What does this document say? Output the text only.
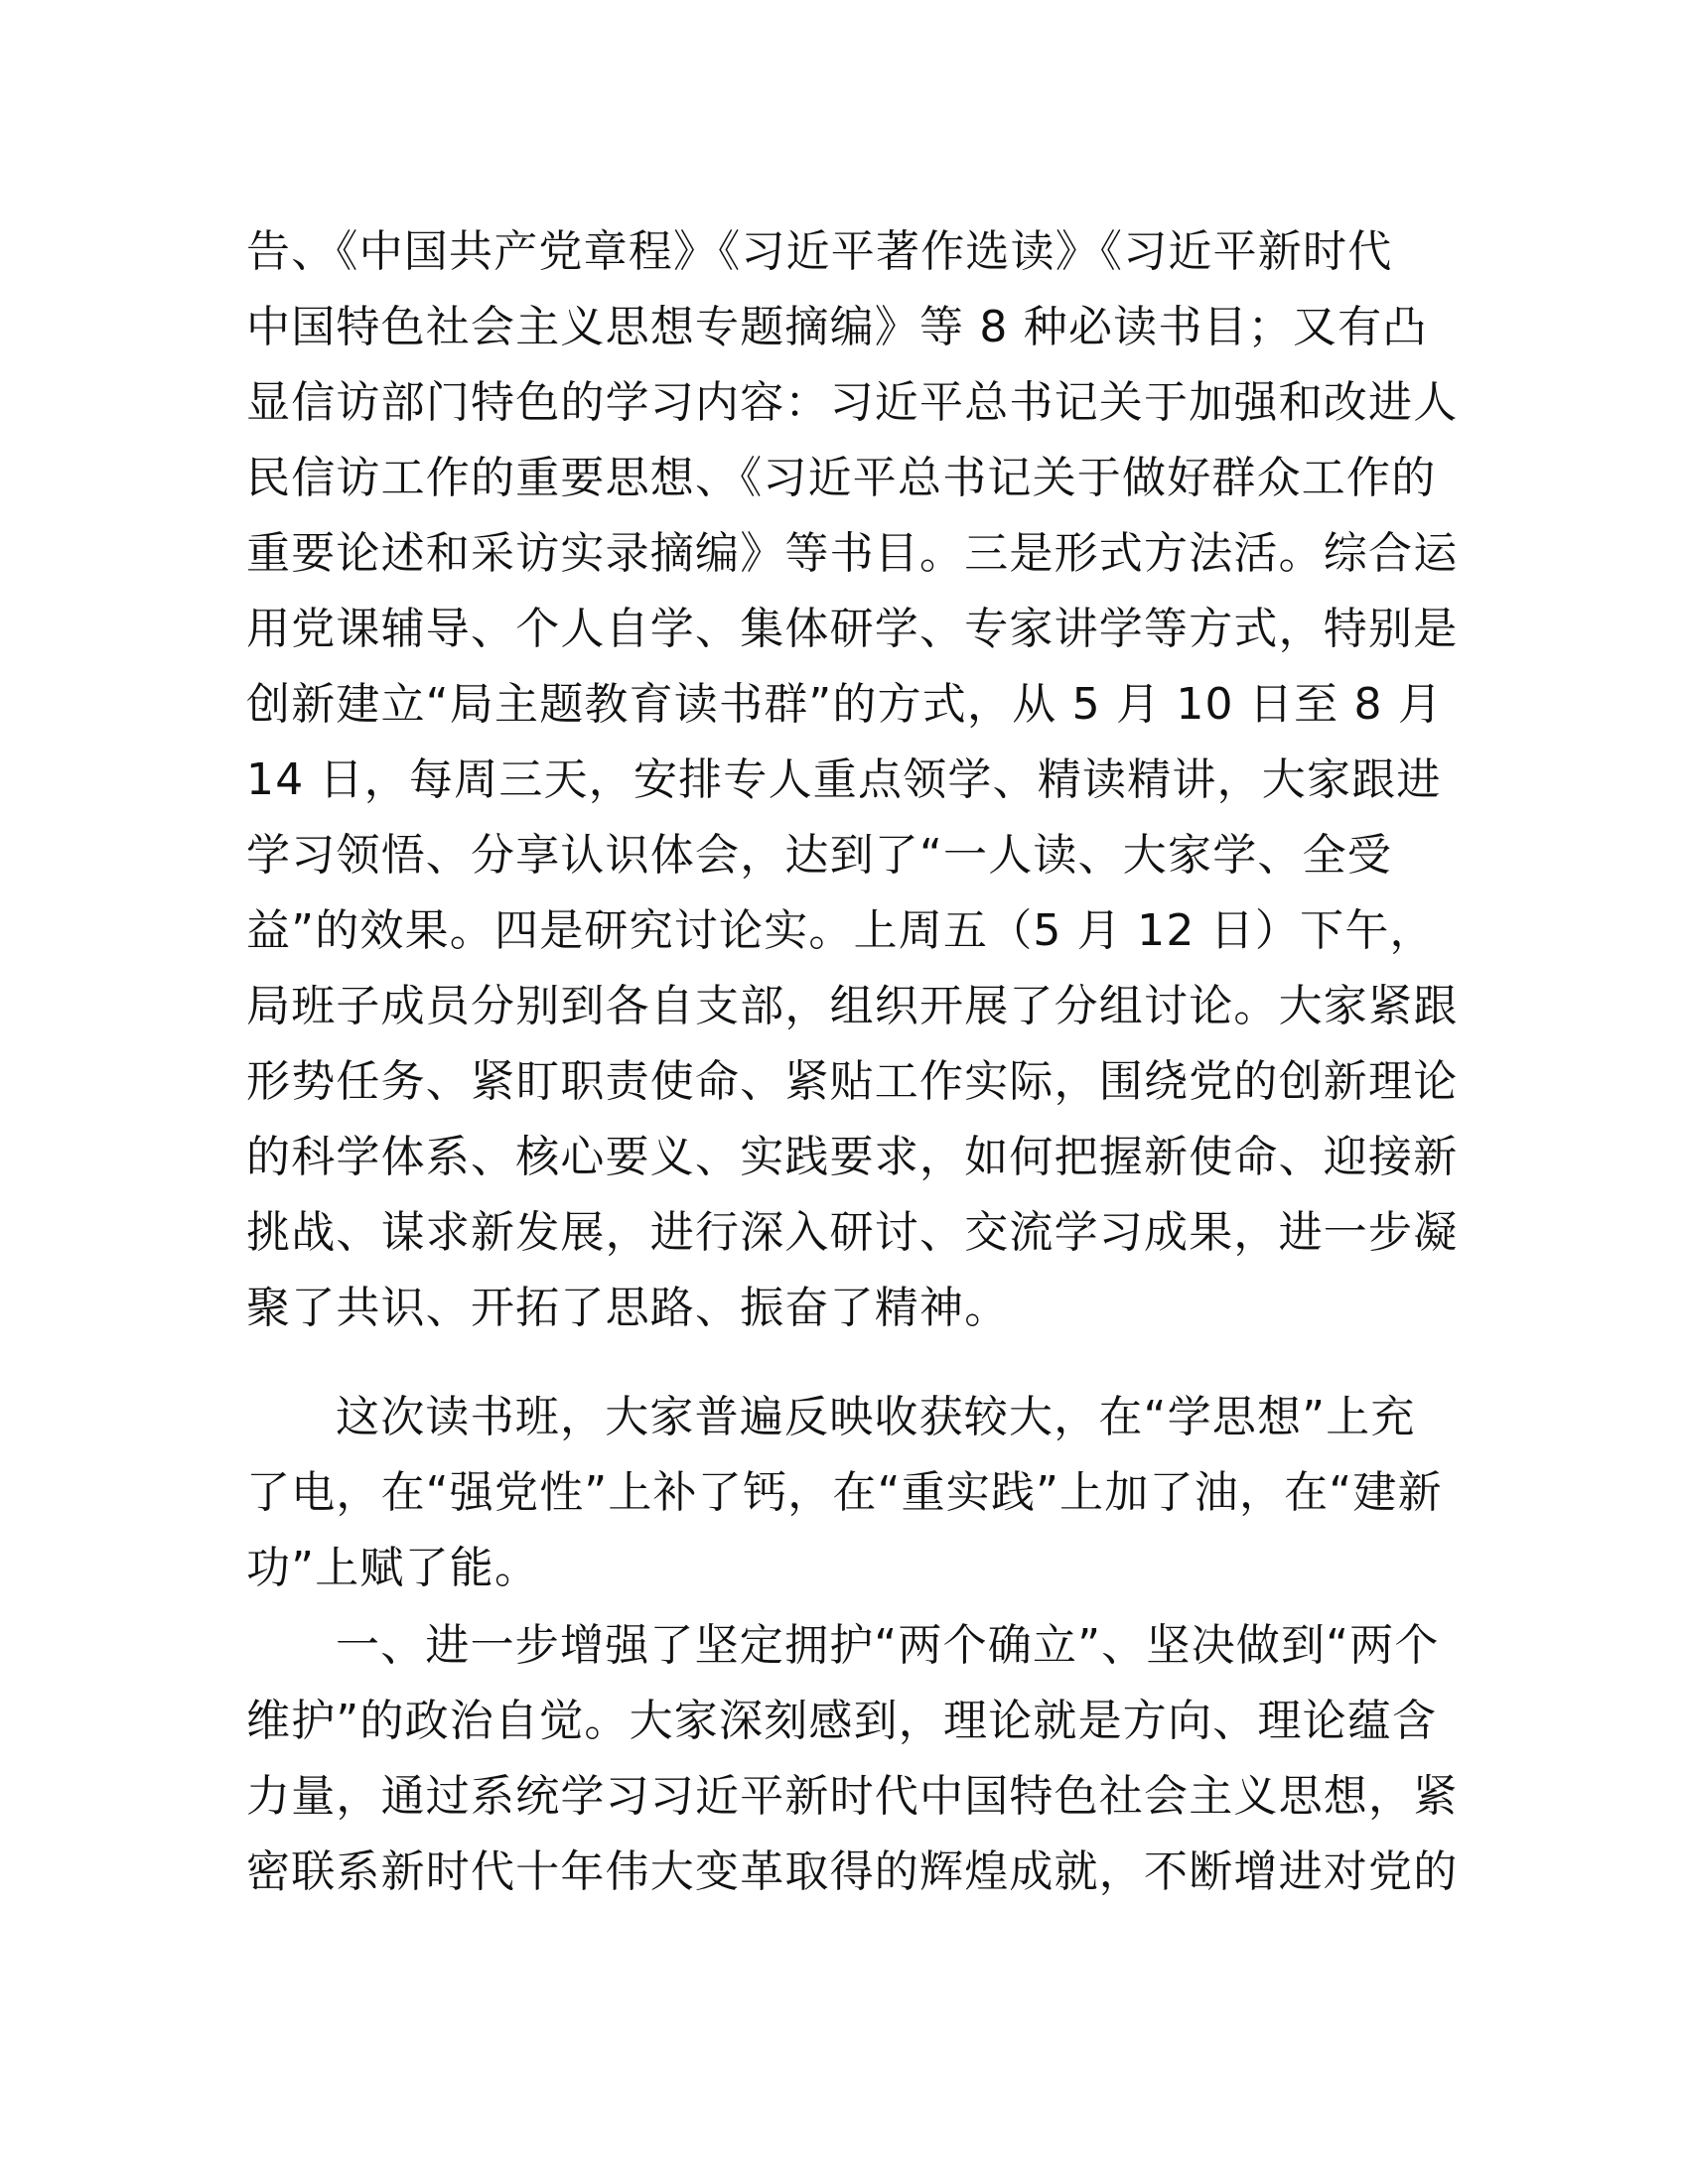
告、《中国共产党章程》《习近平著作选读》《习近平新时代
中国特色社会主义思想专题摘编》等 8 种必读书目；又有凸
显信访部门特色的学习内容：习近平总书记关于加强和改进人
民信访工作的重要思想、《习近平总书记关于做好群众工作的
重要论述和采访实录摘编》等书目。三是形式方法活。综合运
用党课辅导、个人自学、集体研学、专家讲学等方式，特别是
创新建立“局主题教育读书群”的方式，从 5 月 10 日至 8 月
14 日，每周三天，安排专人重点领学、精读精讲，大家跟进
学习领悟、分享认识体会，达到了“一人读、大家学、全受
益”的效果。四是研究讨论实。上周五（5 月 12 日）下午，
局班子成员分别到各自支部，组织开展了分组讨论。大家紧跟
形势任务、紧盯职责使命、紧贴工作实际，围绕党的创新理论
的科学体系、核心要义、实践要求，如何把握新使命、迎接新
挑战、谋求新发展，进行深入研讨、交流学习成果，进一步凝
聚了共识、开拓了思路、振奋了精神。
这次读书班，大家普遍反映收获较大，在“学思想”上充
了电，在“强党性”上补了钙，在“重实践”上加了油，在“建新
功”上赋了能。
一、进一步增强了坚定拥护“两个确立”、坚决做到“两个
维护”的政治自觉。大家深刻感到，理论就是方向、理论蕴含
力量，通过系统学习习近平新时代中国特色社会主义思想，紧
密联系新时代十年伟大变革取得的辉煌成就，不断增进对党的
